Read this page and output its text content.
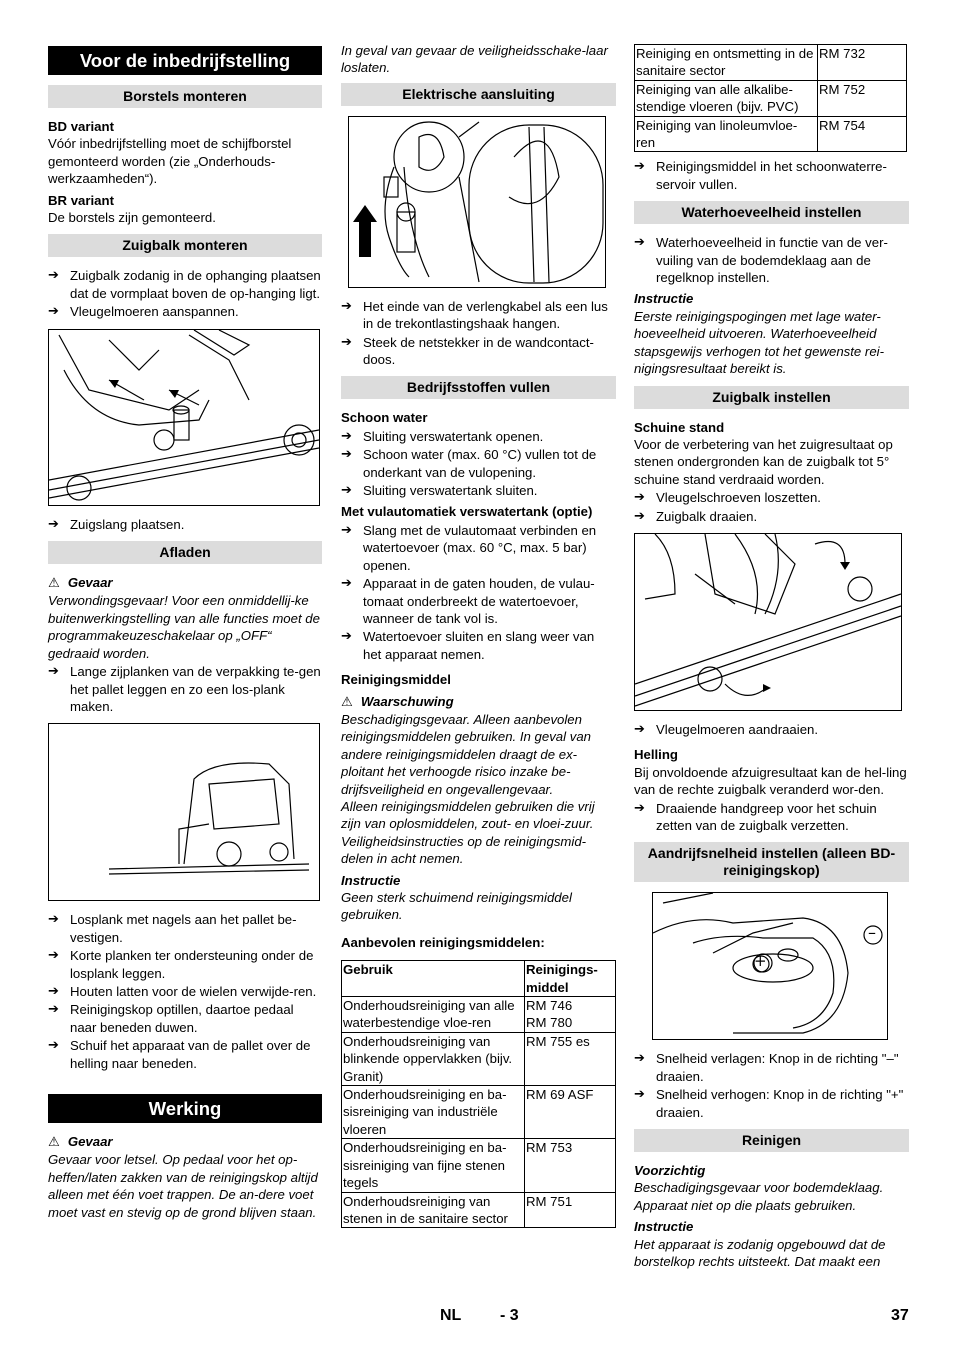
Voor de inbedrijfstelling
Borstels monteren
BD variant
Vóór inbedrijfstelling moet de schijfborstel gemonteerd worden (zie „Onderhouds-werkzaamheden“).
BR variant
De borstels zijn gemonteerd.
Zuigbalk monteren
➔ Zuigbalk zodanig in de ophanging plaatsen dat de vormplaat boven de op-hanging ligt.
➔ Vleugelmoeren aanspannen.
➔ Zuigslang plaatsen.
Afladen
⚠ Gevaar
Verwondingsgevaar! Voor een onmiddellij-ke buitenwerkingstelling van alle functies moet de programmakeuzeschakelaar op „OFF“ gedraaid worden.
➔ Lange zijplanken van de verpakking te-gen het pallet leggen en zo een los-plank maken.
➔ Losplank met nagels aan het pallet be-vestigen.
➔ Korte planken ter ondersteuning onder de losplank leggen.
➔ Houten latten voor de wielen verwijde-ren.
➔ Reinigingskop optillen, daartoe pedaal naar beneden duwen.
➔ Schuif het apparaat van de pallet over de helling naar beneden.
Werking
⚠ Gevaar
Gevaar voor letsel. Op pedaal voor het op-heffen/laten zakken van de reinigingskop altijd alleen met één voet trappen. De an-dere voet moet vast en stevig op de grond blijven staan.
In geval van gevaar de veiligheidsschake-laar loslaten.
Elektrische aansluiting
➔ Het einde van de verlengkabel als een lus in de trekontlastingshaak hangen.
➔ Steek de netstekker in de wandcontact-doos.
Bedrijfsstoffen vullen
Schoon water
➔ Sluiting verswatertank openen.
➔ Schoon water (max. 60 °C) vullen tot de onderkant van de vulopening.
➔ Sluiting verswatertank sluiten.
Met vulautomatiek verswatertank (optie)
➔ Slang met de vulautomaat verbinden en watertoevoer (max. 60 °C, max. 5 bar) openen.
➔ Apparaat in de gaten houden, de vulau-tomaat onderbreekt de watertoevoer, wanneer de tank vol is.
➔ Watertoevoer sluiten en slang weer van het apparaat nemen.
Reinigingsmiddel
⚠ Waarschuwing
Beschadigingsgevaar. Alleen aanbevolen reinigingsmiddelen gebruiken. In geval van andere reinigingsmiddelen draagt de ex-ploitant het verhoogde risico inzake be-drijfsveiligheid en ongevallengevaar.
Alleen reinigingsmiddelen gebruiken die vrij zijn van oplosmiddelen, zout- en vloei-zuur.
Veiligheidsinstructies op de reinigingsmid-delen in acht nemen.
Instructie
Geen sterk schuimend reinigingsmiddel gebruiken.
Aanbevolen reinigingsmiddelen:
Gebruik	Reinigings-middel
Onderhoudsreiniging van alle waterbestendige vloe-ren	RM 746
RM 780
Onderhoudsreiniging van blinkende oppervlakken (bijv. Granit)	RM 755 es
Onderhoudsreiniging en ba-sisreiniging van industriële vloeren	RM 69 ASF
Onderhoudsreiniging en ba-sisreiniging van fijne stenen tegels	RM 753
Onderhoudsreiniging van stenen in de sanitaire sector	RM 751
Reiniging en ontsmetting in de sanitaire sector	RM 732
Reiniging van alle alkalibe-stendige vloeren (bijv. PVC)	RM 752
Reiniging van linoleumvloe-ren	RM 754
➔ Reinigingsmiddel in het schoonwaterre-servoir vullen.
Waterhoeveelheid instellen
➔ Waterhoeveelheid in functie van de ver-vuiling van de bodemdeklaag aan de regelknop instellen.
Instructie
Eerste reinigingspogingen met lage water-hoeveelheid uitvoeren. Waterhoeveelheid stapsgewijs verhogen tot het gewenste rei-nigingsresultaat bereikt is.
Zuigbalk instellen
Schuine stand
Voor de verbetering van het zuigresultaat op stenen ondergronden kan de zuigbalk tot 5° schuine stand verdraaid worden.
➔ Vleugelschroeven loszetten.
➔ Zuigbalk draaien.
➔ Vleugelmoeren aandraaien.
Helling
Bij onvoldoende afzuigresultaat kan de hel-ling van de rechte zuigbalk veranderd wor-den.
➔ Draaiende handgreep voor het schuin zetten van de zuigbalk verzetten.
Aandrijfsnelheid instellen (alleen BD-reinigingskop)
–
+
➔ Snelheid verlagen: Knop in de richting "–" draaien.
➔ Snelheid verhogen: Knop in de richting "+" draaien.
Reinigen
Voorzichtig
Beschadigingsgevaar voor bodemdeklaag. Apparaat niet op die plaats gebruiken.
Instructie
Het apparaat is zodanig opgebouwd dat de borstelkop rechts uitsteekt. Dat maakt een
NL - 3	37
